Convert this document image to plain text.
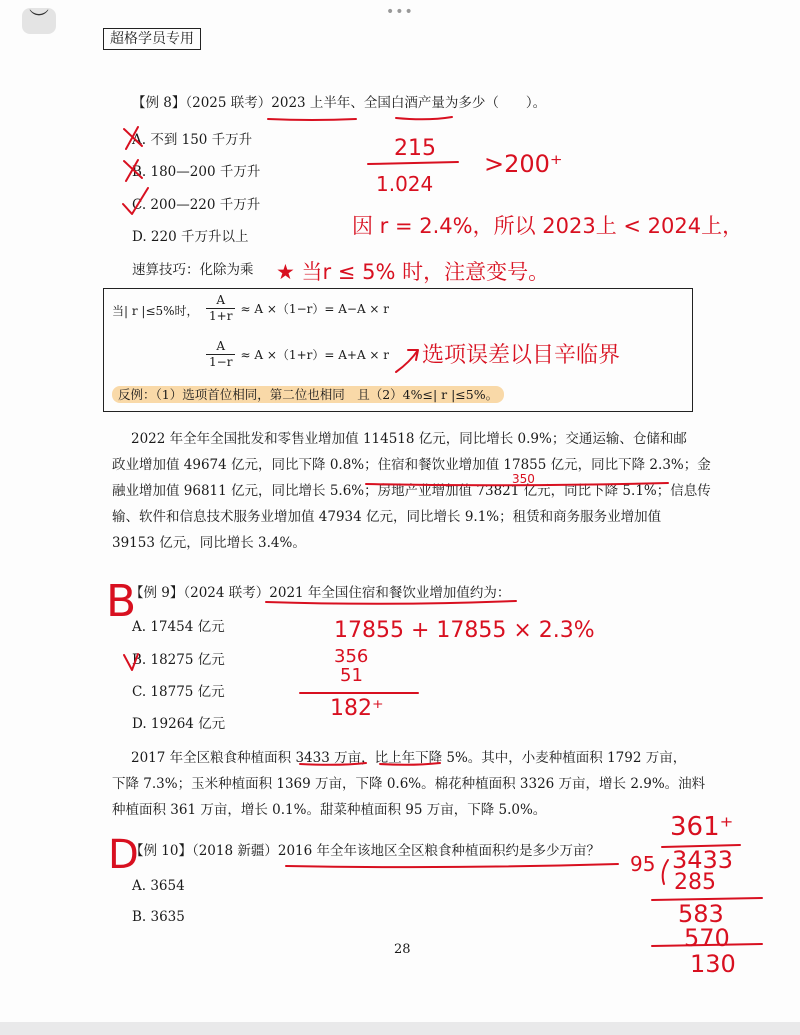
︶	•••
超格学员专用
【例 8】（2025 联考）2023 上半年、全国白酒产量为多少（　　）。
A. 不到 150 千万升
B. 180—200 千万升
C. 200—220 千万升
D. 220 千万升以上
速算技巧：化除为乘
当| r |≤5%时， $\frac{A}{1+r} \approx A \times(1-r)= A-A \times r$
$\frac{A}{1-r} \approx A \times(1+r)= A+A \times r$
反例：（1）选项首位相同，第二位也相同　且（2）4%≤| r |≤5%。
2022 年全年全国批发和零售业增加值 114518 亿元，同比增长 0.9%；交通运输、仓储和邮
政业增加值 49674 亿元，同比下降 0.8%；住宿和餐饮业增加值 17855 亿元，同比下降 2.3%；金
融业增加值 96811 亿元，同比增长 5.6%；房地产业增加值 73821 亿元，同比下降 5.1%；信息传
输、软件和信息技术服务业增加值 47934 亿元，同比增长 9.1%；租赁和商务服务业增加值
39153 亿元，同比增长 3.4%。
【例 9】（2024 联考）2021 年全国住宿和餐饮业增加值约为：
A. 17454 亿元
B. 18275 亿元
C. 18775 亿元
D. 19264 亿元
2017 年全区粮食种植面积 3433 万亩，比上年下降 5%。其中，小麦种植面积 1792 万亩，
下降 7.3%；玉米种植面积 1369 万亩，下降 0.6%。棉花种植面积 3326 万亩，增长 2.9%。油料
种植面积 361 万亩，增长 0.1%。甜菜种植面积 95 万亩，下降 5.0%。
【例 10】（2018 新疆）2016 年全年该地区全区粮食种植面积约是多少万亩？
A. 3654
B. 3635
28
215
1.024
>200⁺
因 r = 2.4%，所以 2023上 < 2024上，
★ 当r ≤ 5% 时，注意变号。
选项误差以目辛临界
350
B
17855 + 17855 × 2.3%
356
51
182⁺
D
361⁺
95 3433
285
583
570
130
